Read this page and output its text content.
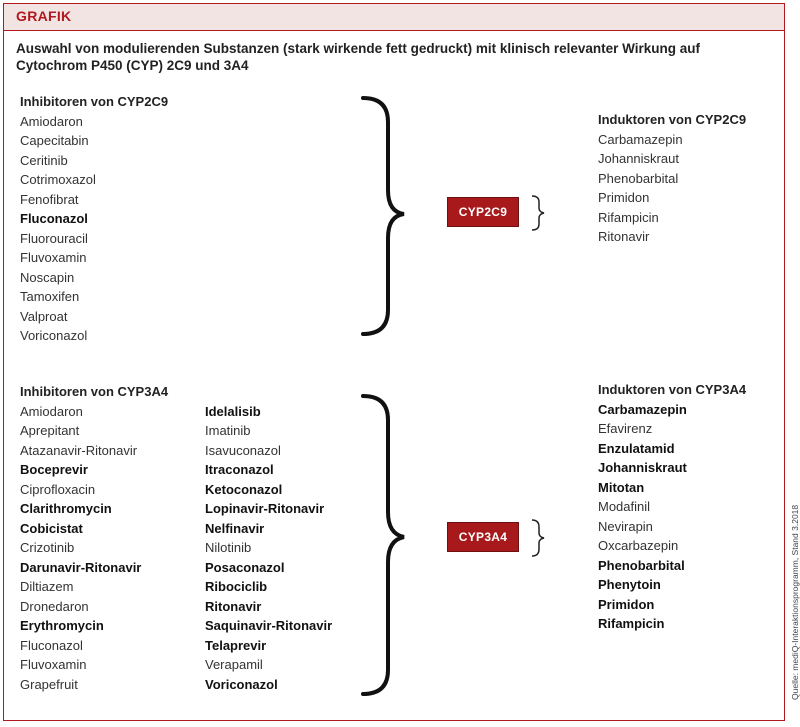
GRAFIK
Auswahl von modulierenden Substanzen (stark wirkende fett gedruckt) mit klinisch relevanter Wirkung auf Cytochrom P450 (CYP) 2C9 und 3A4
Inhibitoren von CYP2C9
Amiodaron
Capecitabin
Ceritinib
Cotrimoxazol
Fenofibrat
Fluconazol
Fluorouracil
Fluvoxamin
Noscapin
Tamoxifen
Valproat
Voriconazol
Induktoren von CYP2C9
Carbamazepin
Johanniskraut
Phenobarbital
Primidon
Rifampicin
Ritonavir
CYP2C9
Inhibitoren von CYP3A4
Amiodaron
Aprepitant
Atazanavir-Ritonavir
Boceprevir
Ciprofloxacin
Clarithromycin
Cobicistat
Crizotinib
Darunavir-Ritonavir
Diltiazem
Dronedaron
Erythromycin
Fluconazol
Fluvoxamin
Grapefruit
Idelalisib
Imatinib
Isavuconazol
Itraconazol
Ketoconazol
Lopinavir-Ritonavir
Nelfinavir
Nilotinib
Posaconazol
Ribociclib
Ritonavir
Saquinavir-Ritonavir
Telaprevir
Verapamil
Voriconazol
Induktoren von CYP3A4
Carbamazepin
Efavirenz
Enzulatamid
Johanniskraut
Mitotan
Modafinil
Nevirapin
Oxcarbazepin
Phenobarbital
Phenytoin
Primidon
Rifampicin
CYP3A4	Quelle: mediQ-Interaktionsprogramm, Stand 3.2018
